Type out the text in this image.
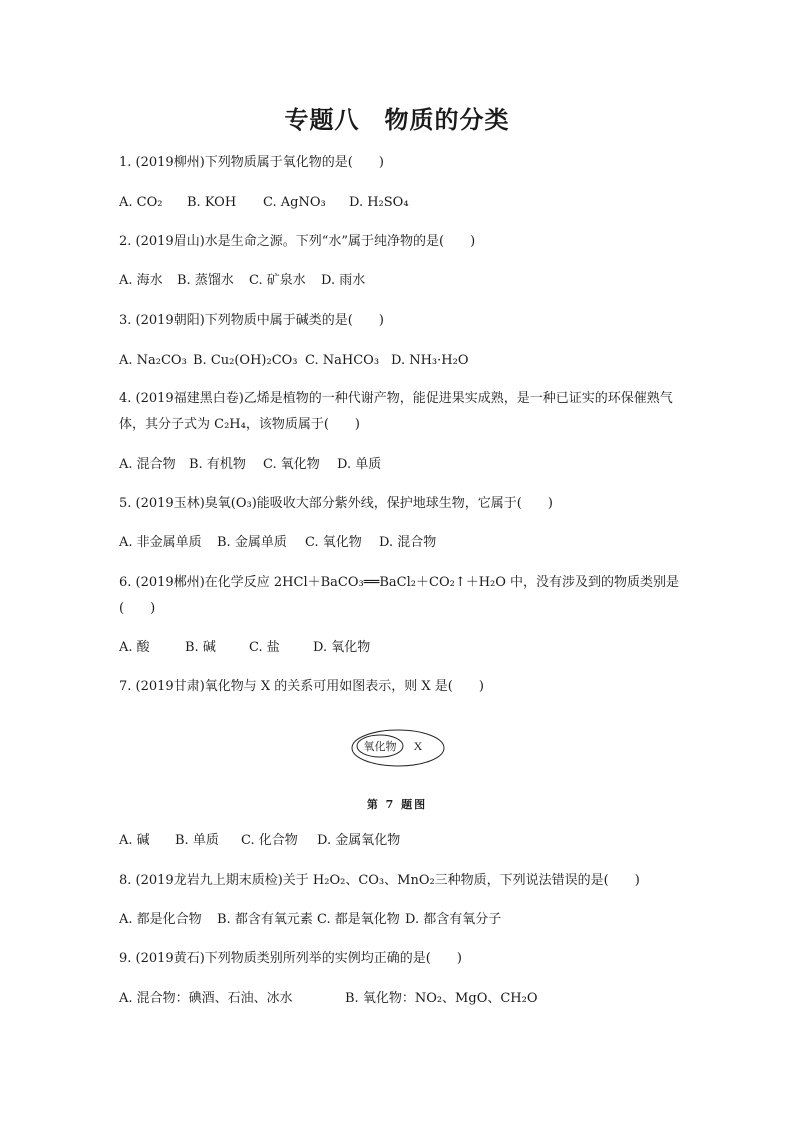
专题八　物质的分类
1. (2019柳州)下列物质属于氧化物的是(　　)
A. CO₂ B. KOH C. AgNO₃ D. H₂SO₄
2. (2019眉山)水是生命之源。下列“水”属于纯净物的是(　　)
A. 海水 B. 蒸馏水 C. 矿泉水 D. 雨水
3. (2019朝阳)下列物质中属于碱类的是(　　)
A. Na₂CO₃ B. Cu₂(OH)₂CO₃ C. NaHCO₃ D. NH₃·H₂O
4. (2019福建黑白卷)乙烯是植物的一种代谢产物，能促进果实成熟，是一种已证实的环保催熟气体，其分子式为 C₂H₄，该物质属于(　　)
A. 混合物 B. 有机物 C. 氧化物 D. 单质
5. (2019玉林)臭氧(O₃)能吸收大部分紫外线，保护地球生物，它属于(　　)
A. 非金属单质 B. 金属单质 C. 氧化物 D. 混合物
6. (2019郴州)在化学反应 2HCl＋BaCO₃══BaCl₂＋CO₂↑＋H₂O 中，没有涉及到的物质类别是(　　)
A. 酸	B. 碱	C. 盐	D. 氧化物
7. (2019甘肃)氧化物与 X 的关系可用如图表示，则 X 是(　　)
氧化物 X
第 7 题图
A. 碱 B. 单质 C. 化合物 D. 金属氧化物
8. (2019龙岩九上期末质检)关于 H₂O₂、CO₃、MnO₂三种物质，下列说法错误的是(　　)
A. 都是化合物 B. 都含有氧元素 C. 都是氧化物 D. 都含有氧分子
9. (2019黄石)下列物质类别所列举的实例均正确的是(　　)
A. 混合物：碘酒、石油、冰水	B. 氧化物：NO₂、MgO、CH₂O
